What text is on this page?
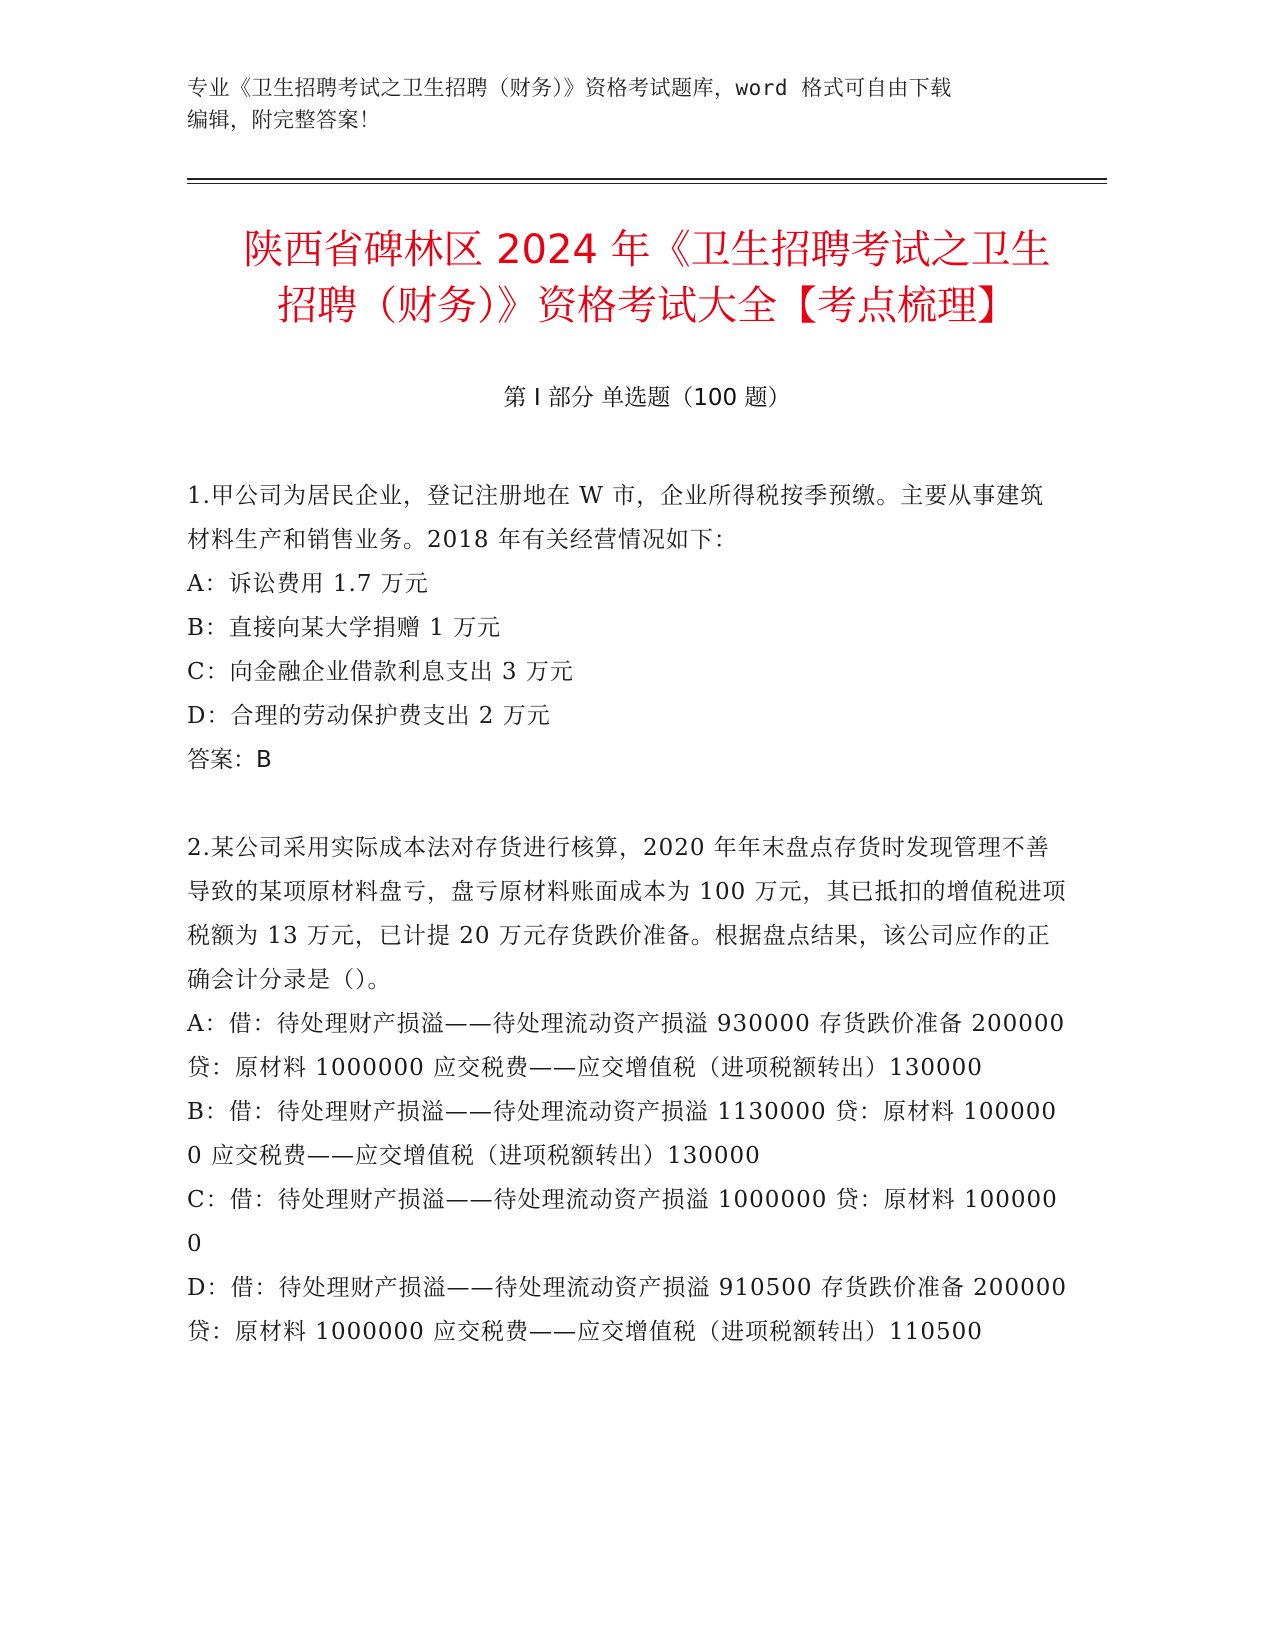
专业《卫生招聘考试之卫生招聘（财务）》资格考试题库，word 格式可自由下载
编辑，附完整答案！
陕西省碑林区 2024 年《卫生招聘考试之卫生
招聘（财务）》资格考试大全【考点梳理】
第 I 部分 单选题（100 题）

1.甲公司为居民企业，登记注册地在 W 市，企业所得税按季预缴。主要从事建筑材料生产和销售业务。2018 年有关经营情况如下：

A：诉讼费用 1.7 万元

B：直接向某大学捐赠 1 万元

C：向金融企业借款利息支出 3 万元

D：合理的劳动保护费支出 2 万元

答案：B

2.某公司采用实际成本法对存货进行核算，2020 年年末盘点存货时发现管理不善导致的某项原材料盘亏，盘亏原材料账面成本为 100 万元，其已抵扣的增值税进项税额为 13 万元，已计提 20 万元存货跌价准备。根据盘点结果，该公司应作的正确会计分录是（）。

A：借：待处理财产损溢——待处理流动资产损溢 930000 存货跌价准备 200000 贷：原材料 1000000 应交税费——应交增值税（进项税额转出）130000

B：借：待处理财产损溢——待处理流动资产损溢 1130000 贷：原材料 1000000 应交税费——应交增值税（进项税额转出）130000

C：借：待处理财产损溢——待处理流动资产损溢 1000000 贷：原材料 1000000

D：借：待处理财产损溢——待处理流动资产损溢 910500 存货跌价准备 200000 贷：原材料 1000000 应交税费——应交增值税（进项税额转出）110500
